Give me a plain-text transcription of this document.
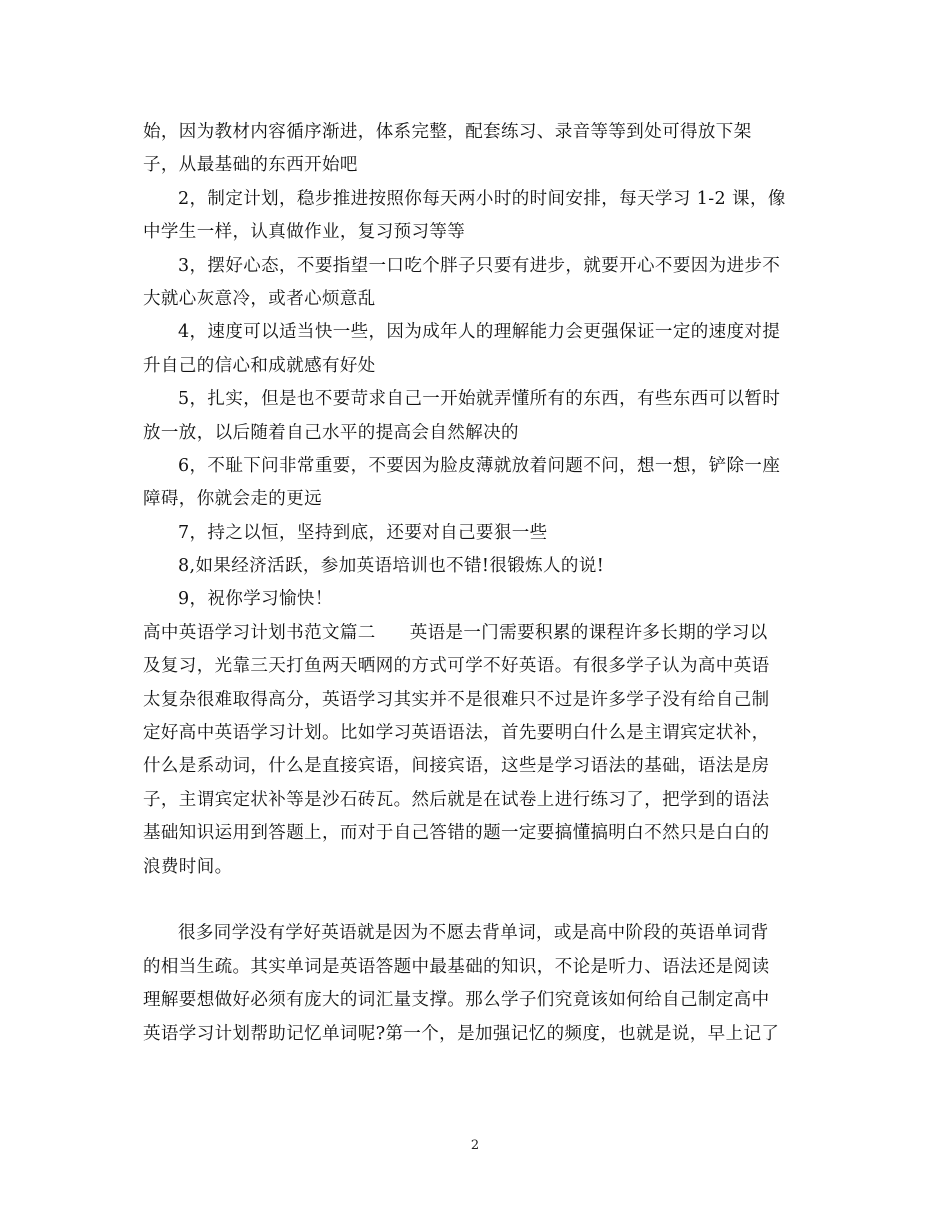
始，因为教材内容循序渐进，体系完整，配套练习、录音等等到处可得放下架
子，从最基础的东西开始吧
2，制定计划，稳步推进按照你每天两小时的时间安排，每天学习 1-2 课，像
中学生一样，认真做作业，复习预习等等
3，摆好心态，不要指望一口吃个胖子只要有进步，就要开心不要因为进步不
大就心灰意冷，或者心烦意乱
4，速度可以适当快一些，因为成年人的理解能力会更强保证一定的速度对提
升自己的信心和成就感有好处
5，扎实，但是也不要苛求自己一开始就弄懂所有的东西，有些东西可以暂时
放一放，以后随着自己水平的提高会自然解决的
6，不耻下问非常重要，不要因为脸皮薄就放着问题不问，想一想，铲除一座
障碍，你就会走的更远
7，持之以恒，坚持到底，还要对自己要狠一些
8,如果经济活跃，参加英语培训也不错!很锻炼人的说!
9，祝你学习愉快！
高中英语学习计划书范文篇二 英语是一门需要积累的课程许多长期的学习以
及复习，光靠三天打鱼两天晒网的方式可学不好英语。有很多学子认为高中英语
太复杂很难取得高分，英语学习其实并不是很难只不过是许多学子没有给自己制
定好高中英语学习计划。比如学习英语语法，首先要明白什么是主谓宾定状补，
什么是系动词，什么是直接宾语，间接宾语，这些是学习语法的基础，语法是房
子，主谓宾定状补等是沙石砖瓦。然后就是在试卷上进行练习了，把学到的语法
基础知识运用到答题上，而对于自己答错的题一定要搞懂搞明白不然只是白白的
浪费时间。
很多同学没有学好英语就是因为不愿去背单词，或是高中阶段的英语单词背
的相当生疏。其实单词是英语答题中最基础的知识，不论是听力、语法还是阅读
理解要想做好必须有庞大的词汇量支撑。那么学子们究竟该如何给自己制定高中
英语学习计划帮助记忆单词呢?第一个，是加强记忆的频度，也就是说，早上记了
2
